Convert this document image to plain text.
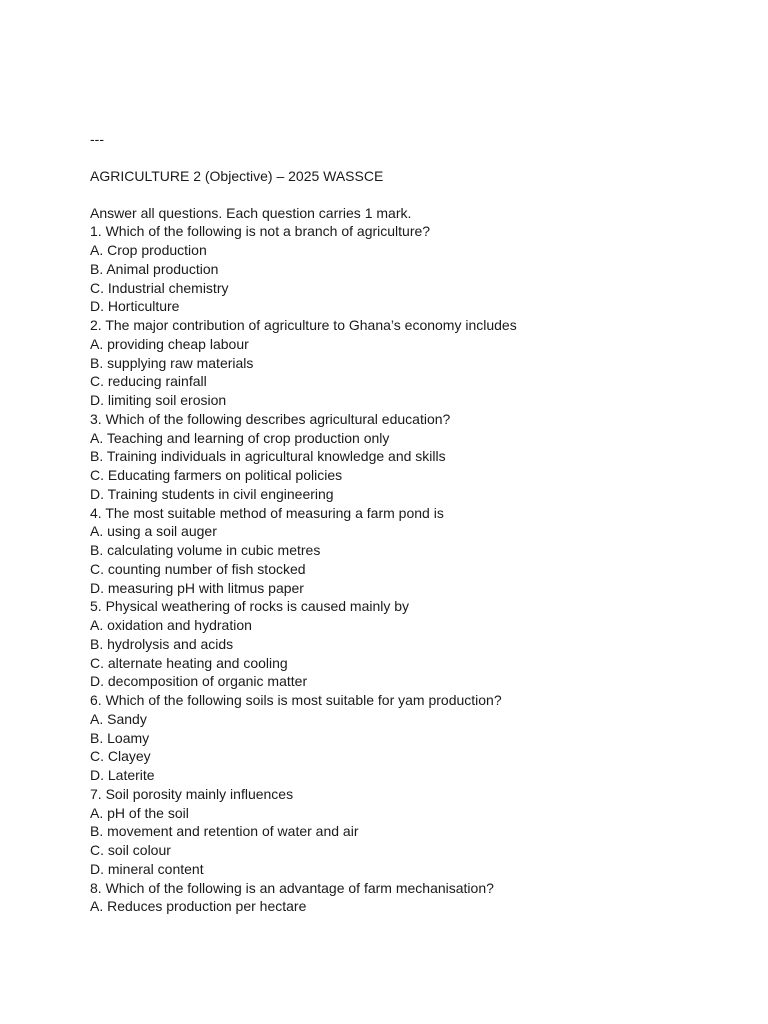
---
AGRICULTURE 2 (Objective) – 2025 WASSCE
Answer all questions. Each question carries 1 mark.
1. Which of the following is not a branch of agriculture?
A. Crop production
B. Animal production
C. Industrial chemistry
D. Horticulture
2. The major contribution of agriculture to Ghana’s economy includes
A. providing cheap labour
B. supplying raw materials
C. reducing rainfall
D. limiting soil erosion
3. Which of the following describes agricultural education?
A. Teaching and learning of crop production only
B. Training individuals in agricultural knowledge and skills
C. Educating farmers on political policies
D. Training students in civil engineering
4. The most suitable method of measuring a farm pond is
A. using a soil auger
B. calculating volume in cubic metres
C. counting number of fish stocked
D. measuring pH with litmus paper
5. Physical weathering of rocks is caused mainly by
A. oxidation and hydration
B. hydrolysis and acids
C. alternate heating and cooling
D. decomposition of organic matter
6. Which of the following soils is most suitable for yam production?
A. Sandy
B. Loamy
C. Clayey
D. Laterite
7. Soil porosity mainly influences
A. pH of the soil
B. movement and retention of water and air
C. soil colour
D. mineral content
8. Which of the following is an advantage of farm mechanisation?
A. Reduces production per hectare
